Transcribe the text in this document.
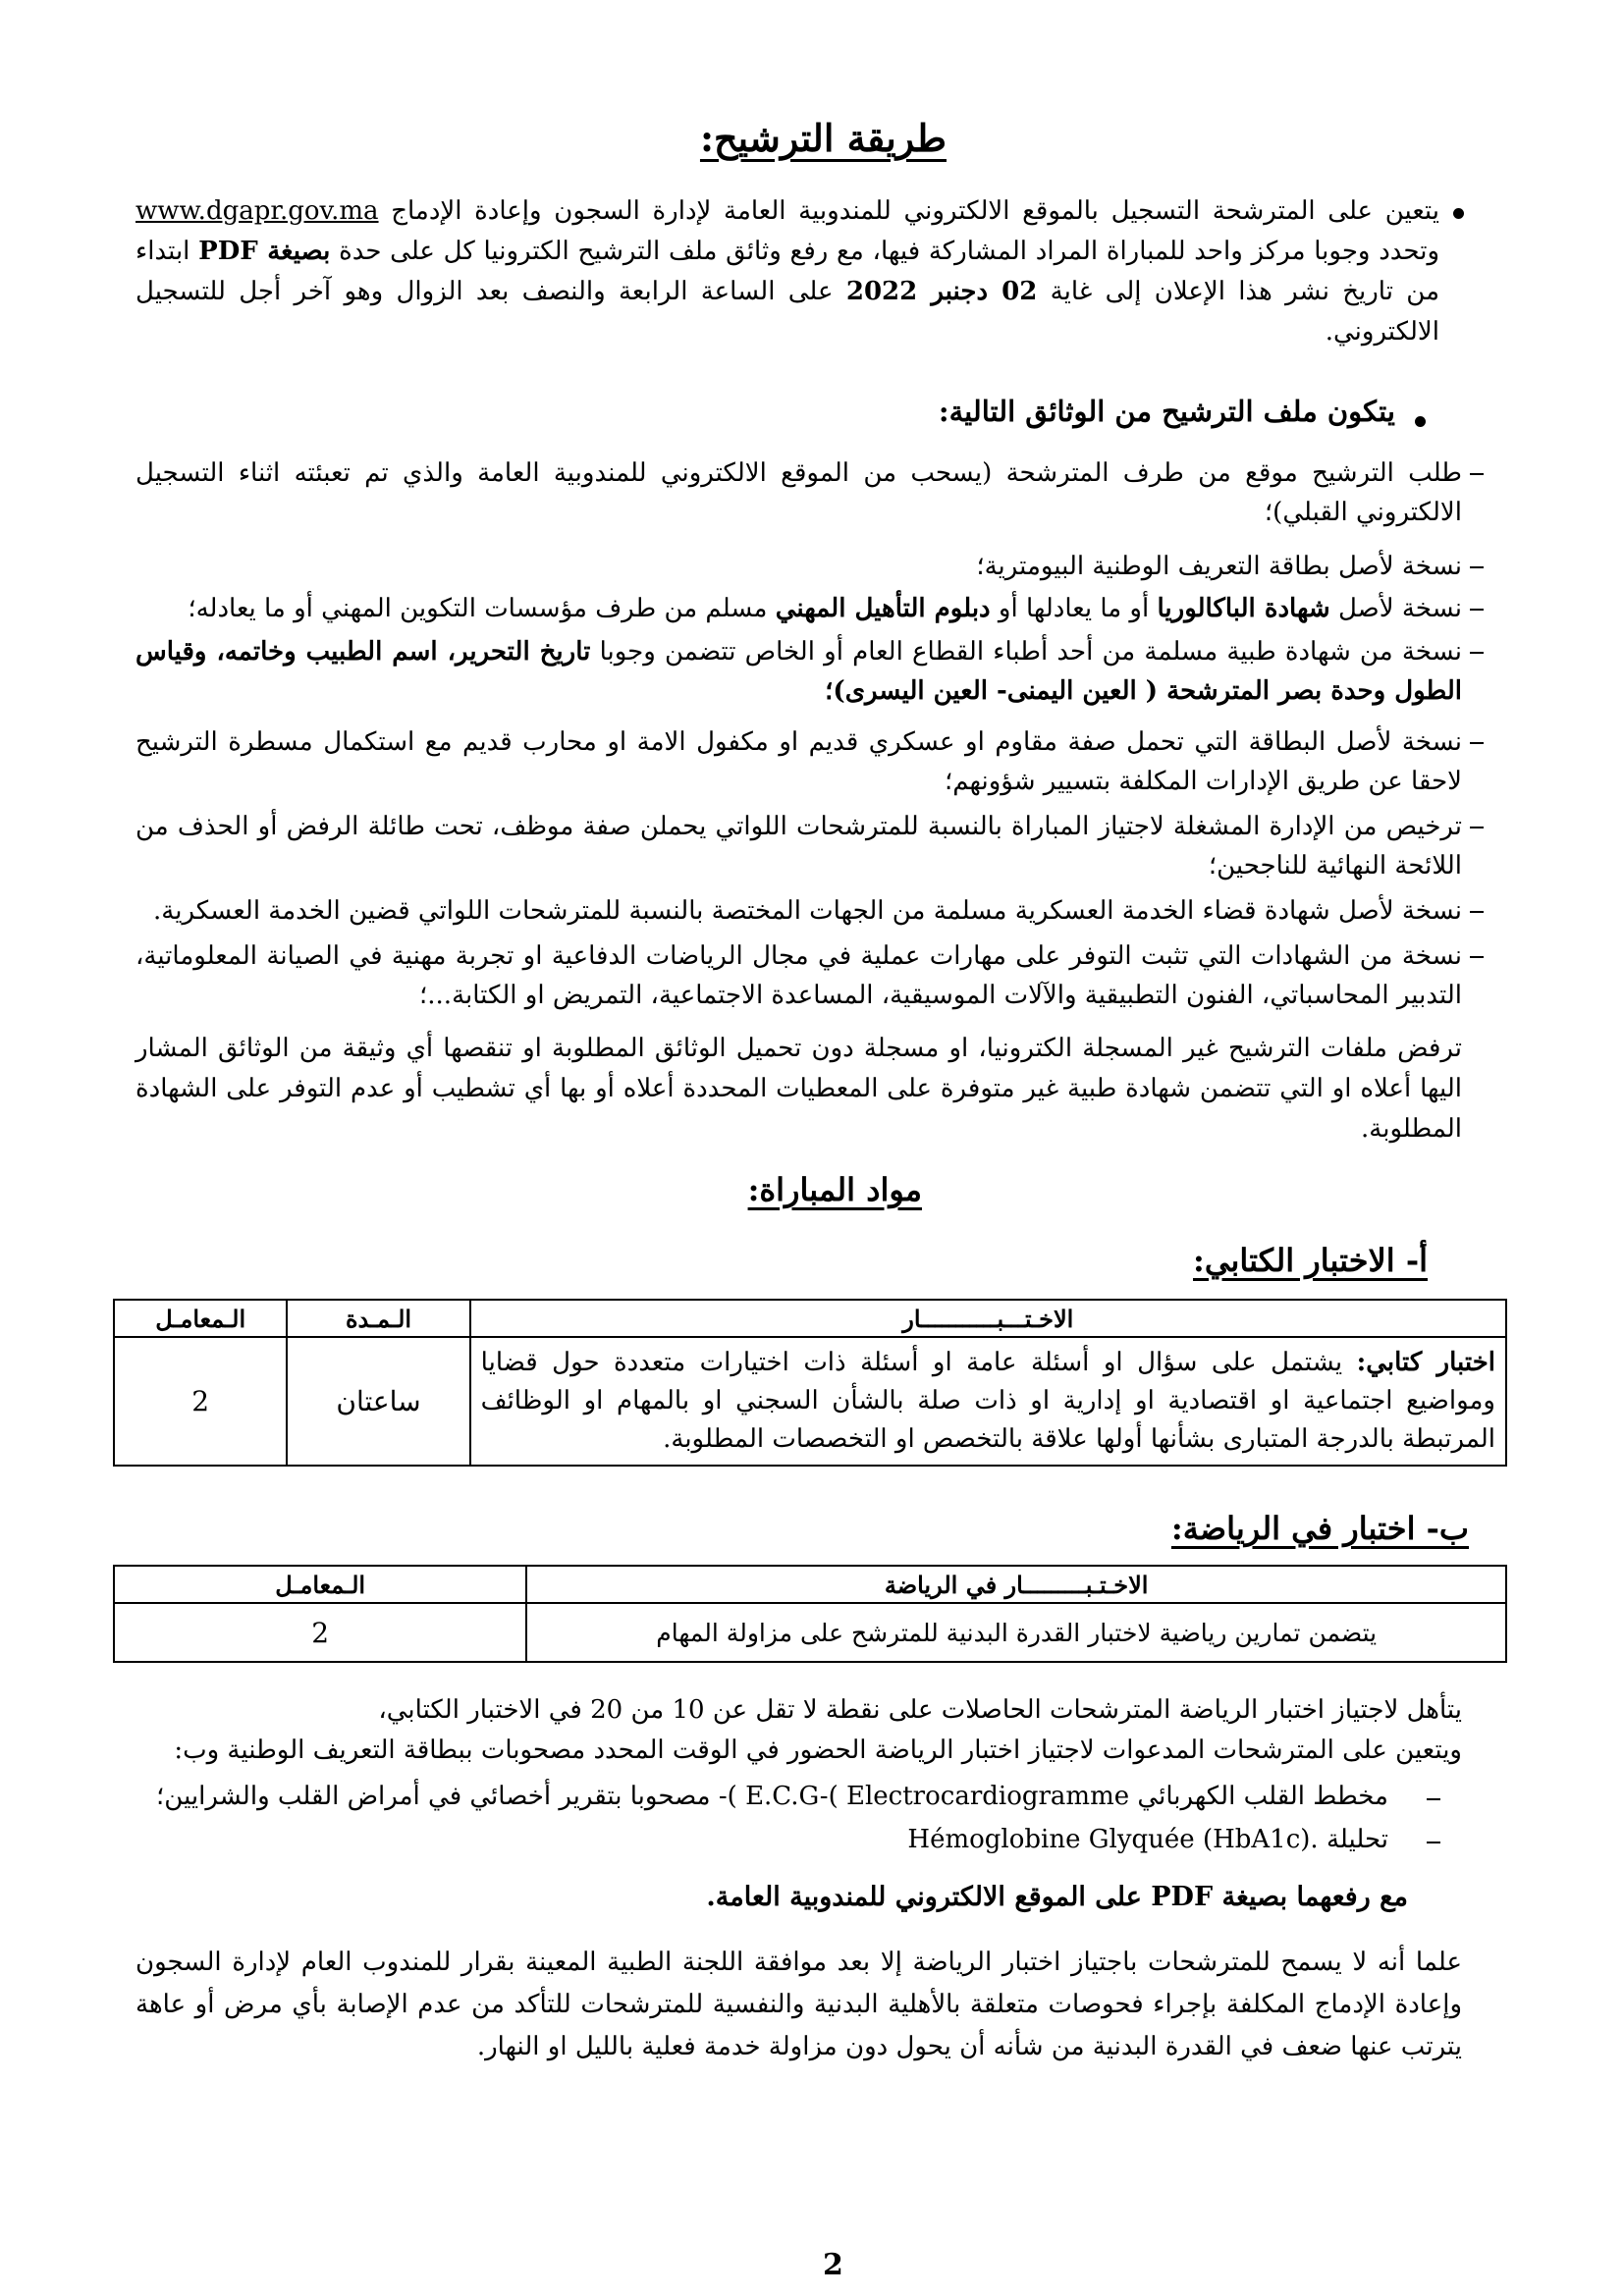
طريقة الترشيح:
يتعين على المترشحة التسجيل بالموقع الالكتروني للمندوبية العامة لإدارة السجون وإعادة الإدماج www.dgapr.gov.ma وتحدد وجوبا مركز واحد للمباراة المراد المشاركة فيها، مع رفع وثائق ملف الترشيح الكترونيا كل على حدة بصيغة PDF ابتداء من تاريخ نشر هذا الإعلان إلى غاية 02 دجنبر 2022 على الساعة الرابعة والنصف بعد الزوال وهو آخر أجل للتسجيل الالكتروني.
يتكون ملف الترشيح من الوثائق التالية:
طلب الترشيح موقع من طرف المترشحة (يسحب من الموقع الالكتروني للمندوبية العامة والذي تم تعبئته اثناء التسجيل الالكتروني القبلي)؛
نسخة لأصل بطاقة التعريف الوطنية البيومترية؛
نسخة لأصل شهادة الباكالوريا أو ما يعادلها أو دبلوم التأهيل المهني مسلم من طرف مؤسسات التكوين المهني أو ما يعادله؛
نسخة من شهادة طبية مسلمة من أحد أطباء القطاع العام أو الخاص تتضمن وجوبا تاريخ التحرير، اسم الطبيب وخاتمه، وقياس الطول وحدة بصر المترشحة ( العين اليمنى- العين اليسرى)؛
نسخة لأصل البطاقة التي تحمل صفة مقاوم او عسكري قديم او مكفول الامة او محارب قديم مع استكمال مسطرة الترشيح لاحقا عن طريق الإدارات المكلفة بتسيير شؤونهم؛
ترخيص من الإدارة المشغلة لاجتياز المباراة بالنسبة للمترشحات اللواتي يحملن صفة موظف، تحت طائلة الرفض أو الحذف من اللائحة النهائية للناجحين؛
نسخة لأصل شهادة قضاء الخدمة العسكرية مسلمة من الجهات المختصة بالنسبة للمترشحات اللواتي قضين الخدمة العسكرية.
نسخة من الشهادات التي تثبت التوفر على مهارات عملية في مجال الرياضات الدفاعية او تجربة مهنية في الصيانة المعلوماتية، التدبير المحاسباتي، الفنون التطبيقية والآلات الموسيقية، المساعدة الاجتماعية، التمريض او الكتابة...؛
ترفض ملفات الترشيح غير المسجلة الكترونيا، او مسجلة دون تحميل الوثائق المطلوبة او تنقصها أي وثيقة من الوثائق المشار اليها أعلاه او التي تتضمن شهادة طبية غير متوفرة على المعطيات المحددة أعلاه أو بها أي تشطيب أو عدم التوفر على الشهادة المطلوبة.
مواد المباراة:
أ- الاختبار الكتابي:
الاخـتـــبـــــــــــار	الـمـدة	الـمعامـل
اختبار كتابي: يشتمل على سؤال او أسئلة عامة او أسئلة ذات اختيارات متعددة حول قضايا ومواضيع اجتماعية او اقتصادية او إدارية او ذات صلة بالشأن السجني او بالمهام او الوظائف المرتبطة بالدرجة المتبارى بشأنها أولها علاقة بالتخصص او التخصصات المطلوبة.	ساعتان	2
ب- اختبار في الرياضة:
الاخـتـبـــــــــار في الرياضة	الـمعامـل
يتضمن تمارين رياضية لاختبار القدرة البدنية للمترشح على مزاولة المهام	2
يتأهل لاجتياز اختبار الرياضة المترشحات الحاصلات على نقطة لا تقل عن 10 من 20 في الاختبار الكتابي،
ويتعين على المترشحات المدعوات لاجتياز اختبار الرياضة الحضور في الوقت المحدد مصحوبات ببطاقة التعريف الوطنية وب:
مخطط القلب الكهربائي E.C.G-( Electrocardiogramme )- مصحوبا بتقرير أخصائي في أمراض القلب والشرايين؛
تحليلة Hémoglobine Glyquée (HbA1c).
مع رفعهما بصيغة PDF على الموقع الالكتروني للمندوبية العامة.
علما أنه لا يسمح للمترشحات باجتياز اختبار الرياضة إلا بعد موافقة اللجنة الطبية المعينة بقرار للمندوب العام لإدارة السجون وإعادة الإدماج المكلفة بإجراء فحوصات متعلقة بالأهلية البدنية والنفسية للمترشحات للتأكد من عدم الإصابة بأي مرض أو عاهة يترتب عنها ضعف في القدرة البدنية من شأنه أن يحول دون مزاولة خدمة فعلية بالليل او النهار.
2
